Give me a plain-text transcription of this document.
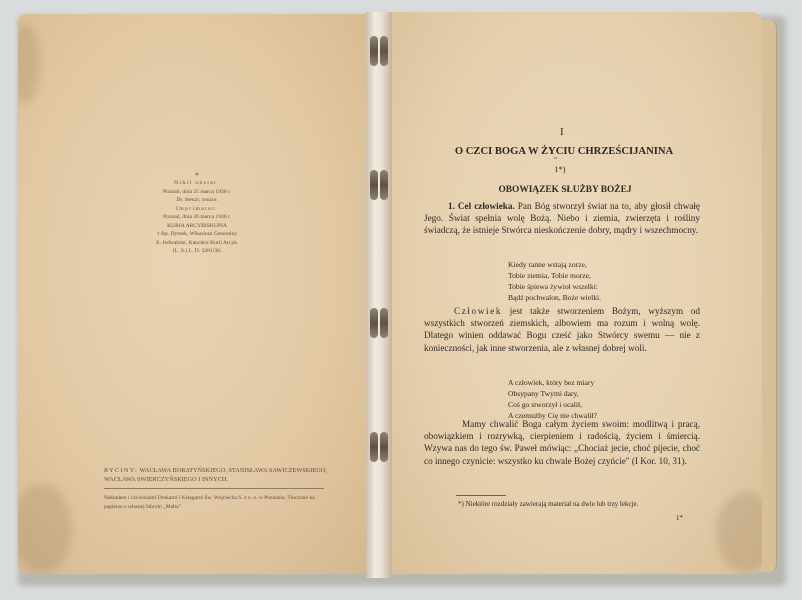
*
Nihil obstat.
Poznań, dnia 25 marca 1936 r.
Dr. Stenzr, cenzor.
Imprimatur.
Poznań, dnia 26 marca 1936 r.
KURIA ARCYBISKUPIA
† Bp. Dymek, Wikariusz Generalny
X. Jedwabski, Kanclerz Kurii Arcyb.
(L. S.) L. D. 3281/36.
RYCINY: WACŁAWA BORATYŃSKIEGO, STANISŁAWA SAWICZEWSKIEGO, WACŁAWA SWIERCZYŃSKIEGO I INNYCH.
Nakładem i czcionkami Drukarni i Księgarni Św. Wojciecha S. z o. o. w Poznaniu. Tłoczono na papierze z własnej fabryki „Malta".
I
O CZCI BOGA W ŻYCIU CHRZEŚCIJANINA
˝ 1*)
OBOWIĄZEK SŁUŻBY BOŻEJ
1. Cel człowieka. Pan Bóg stworzył świat na to, aby głosił chwałę Jego. Świat spełnia wolę Bożą. Niebo i ziemia, zwierzęta i rośliny świadczą, że istnieje Stwórca nieskończenie dobry, mądry i wszechmocny.
Kiedy ranne wstają zorze,
Tobie ziemia, Tobie morze,
Tobie śpiewa żywioł wszelki:
Bądź pochwalon, Boże wielki.
Człowiek jest także stworzeniem Bożym, wyższym od wszystkich stworzeń ziemskich, albowiem ma rozum i wolną wolę. Dlatego winien oddawać Bogu cześć jako Stwórcy swemu — nie z konieczności, jak inne stworzenia, ale z własnej dobrej woli.
A człowiek, który bez miary
Obsypany Twymi dary,
Coś go stworzył i ocalił,
A czemużby Cię nie chwalił?
Mamy chwalić Boga całym życiem swoim: modlitwą i pracą, obowiązkiem i rozrywką, cierpieniem i radością, życiem i śmiercią. Wzywa nas do tego św. Paweł mówiąc: „Chociaż jecie, choć pijecie, choć co innego czynicie: wszystko ku chwale Bożej czyńcie" (I Kor. 10, 31).
*) Niektóre rozdziały zawierają materiał na dwie lub trzy lekcje.
1*
